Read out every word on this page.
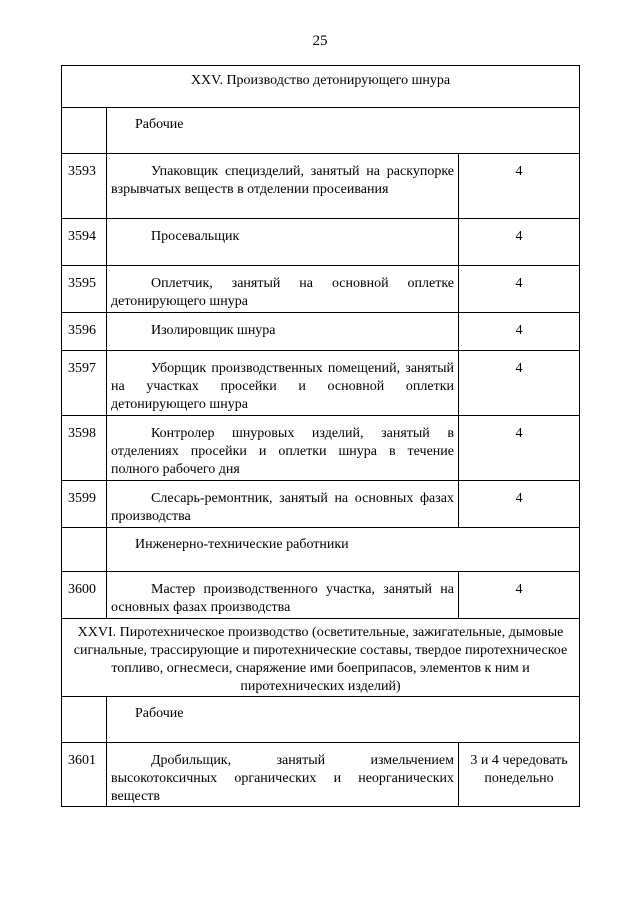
25
XXV. Производство детонирующего шнура		
	Рабочие	
3593	Упаковщик специзделий, занятый на раскупорке взрывчатых веществ в отделении просеивания	4
3594	Просевальщик	4
3595	Оплетчик, занятый на основной оплетке детонирующего шнура	4
3596	Изолировщик шнура	4
3597	Уборщик производственных помещений, занятый на участках просейки и основной оплетки детонирующего шнура	4
3598	Контролер шнуровых изделий, занятый в отделениях просейки и оплетки шнура в течение полного рабочего дня	4
3599	Слесарь-ремонтник, занятый на основных фазах производства	4
	Инженерно-технические работники	
3600	Мастер производственного участка, занятый на основных фазах производства	4
XXVI. Пиротехническое производство (осветительные, зажигательные, дымовые сигнальные, трассирующие и пиротехнические составы, твердое пиротехническое топливо, огнесмеси, снаряжение ими боеприпасов, элементов к ним и пиротехнических изделий)		
	Рабочие	
3601	Дробильщик, занятый измельчением высокотоксичных органических и неорганических веществ	3 и 4 чередовать понедельно
